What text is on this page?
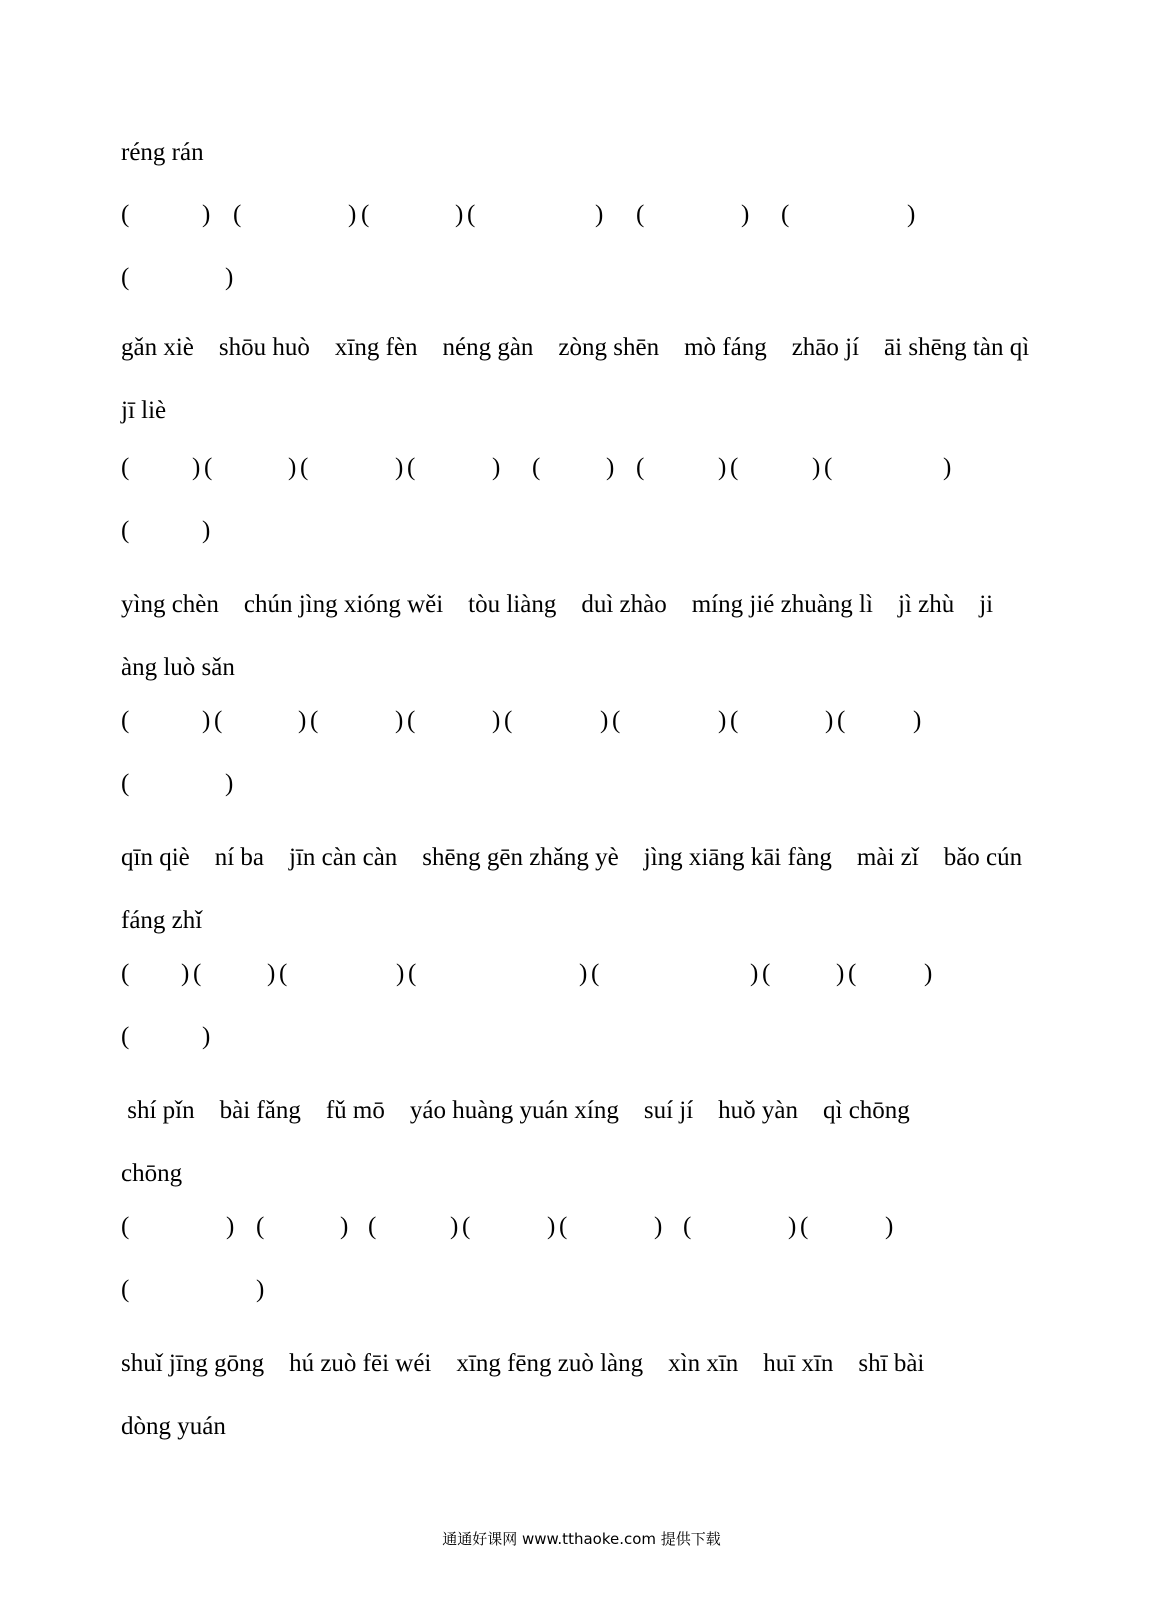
réng rán
gǎn xiè　shōu huò　xīng fèn　néng gàn　zòng shēn　mò fáng　zhāo jí　āi shēng tàn qì
jī liè
yìng chèn　chún jìng xióng wěi　tòu liàng　duì zhào　míng jié zhuàng lì　jì zhù　ji
àng luò sǎn
qīn qiè　ní ba　jīn càn càn　shēng gēn zhǎng yè　jìng xiāng kāi fàng　mài zǐ　bǎo cún
fáng zhǐ
shí pǐn　bài fǎng　fǔ mō　yáo huàng yuán xíng　suí jí　huǒ yàn　qì chōng
chōng
shuǐ jīng gōng　hú zuò fēi wéi　xīng fēng zuò làng　xìn xīn　huī xīn　shī bài
dòng yuán
(	) (	) (	) (	) (	) (	)
(	)
(	) (	) (	) (	) (	) (	) (	) (	)
(	)
(	) (	) (	) (	) (	) (	) (	) (	)
(	)
( ) (	) (	) (	) (	) (	) (	)
(	)
(	) (	) (	) (	) (	) (	) (	)
(	)
通通好课网 www.tthaoke.com 提供下载
